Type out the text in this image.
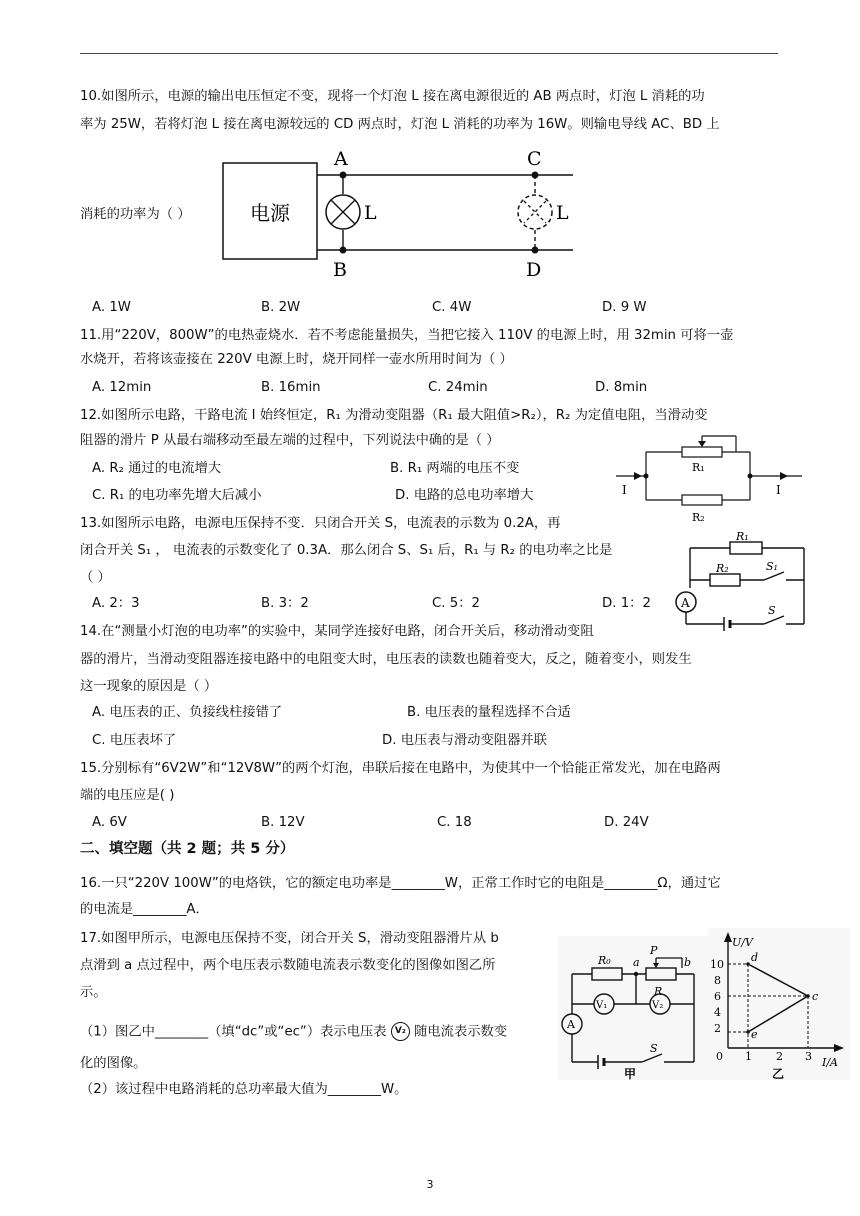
10.如图所示，电源的输出电压恒定不变，现将一个灯泡 L 接在离电源很近的 AB 两点时，灯泡 L 消耗的功
率为 25W，若将灯泡 L 接在离电源较远的 CD 两点时，灯泡 L 消耗的功率为 16W。则输电导线 AC、BD 上
消耗的功率为（ ）	电源	L
A
B
L
C
D
A. 1W	B. 2W	C. 4W	D. 9 W
11.用“220V，800W”的电热壶烧水．若不考虑能量损失，当把它接入 110V 的电源上时，用 32min 可将一壶
水烧开，若将该壶接在 220V 电源上时，烧开同样一壶水所用时间为（ ）
A. 12min	B. 16min	C. 24min	D. 8min
12.如图所示电路，干路电流 I 始终恒定，R₁ 为滑动变阻器（R₁ 最大阻值>R₂），R₂ 为定值电阻，当滑动变
阻器的滑片 P 从最右端移动至最左端的过程中，下列说法中确的是（ ）
A. R₂ 通过的电流增大	B. R₁ 两端的电压不变
C. R₁ 的电功率先增大后减小	D. 电路的总电功率增大
R₁
R₂
I	I
13.如图所示电路，电源电压保持不变．只闭合开关 S，电流表的示数为 0.2A，再
闭合开关 S₁ ， 电流表的示数变化了 0.3A．那么闭合 S、S₁ 后，R₁ 与 R₂ 的电功率之比是
（ ）
A. 2：3	B. 3：2	C. 5：2	D. 1：2
R₁
R₂	S₁
A
S
14.在“测量小灯泡的电功率”的实验中，某同学连接好电路，闭合开关后，移动滑动变阻
器的滑片，当滑动变阻器连接电路中的电阻变大时，电压表的读数也随着变大，反之，随着变小，则发生
这一现象的原因是（ ）
A. 电压表的正、负接线柱接错了	B. 电压表的量程选择不合适
C. 电压表坏了	D. 电压表与滑动变阻器并联
15.分别标有“6V2W”和“12V8W”的两个灯泡，串联后接在电路中，为使其中一个恰能正常发光，加在电路两
端的电压应是( )
A. 6V	B. 12V	C. 18	D. 24V
二、填空题（共 2 题；共 5 分）
16.一只“220V 100W”的电烙铁，它的额定电功率是________W，正常工作时它的电阻是________Ω，通过它
的电流是________A．
17.如图甲所示，电源电压保持不变，闭合开关 S，滑动变阻器滑片从 b
点滑到 a 点过程中，两个电压表示数随电流表示数变化的图像如图乙所
示。
（1）图乙中________（填“dc”或“ec”）表示电压表 V₂ 随电流表示数变
化的图像。
（2）该过程中电路消耗的总功率最大值为________W。
R₀ a
P
b
R
V₁	V₂
A
S
甲
U/V
I/A
0
10
8
6
4
2
1 2 3
d
c
e
乙
3
